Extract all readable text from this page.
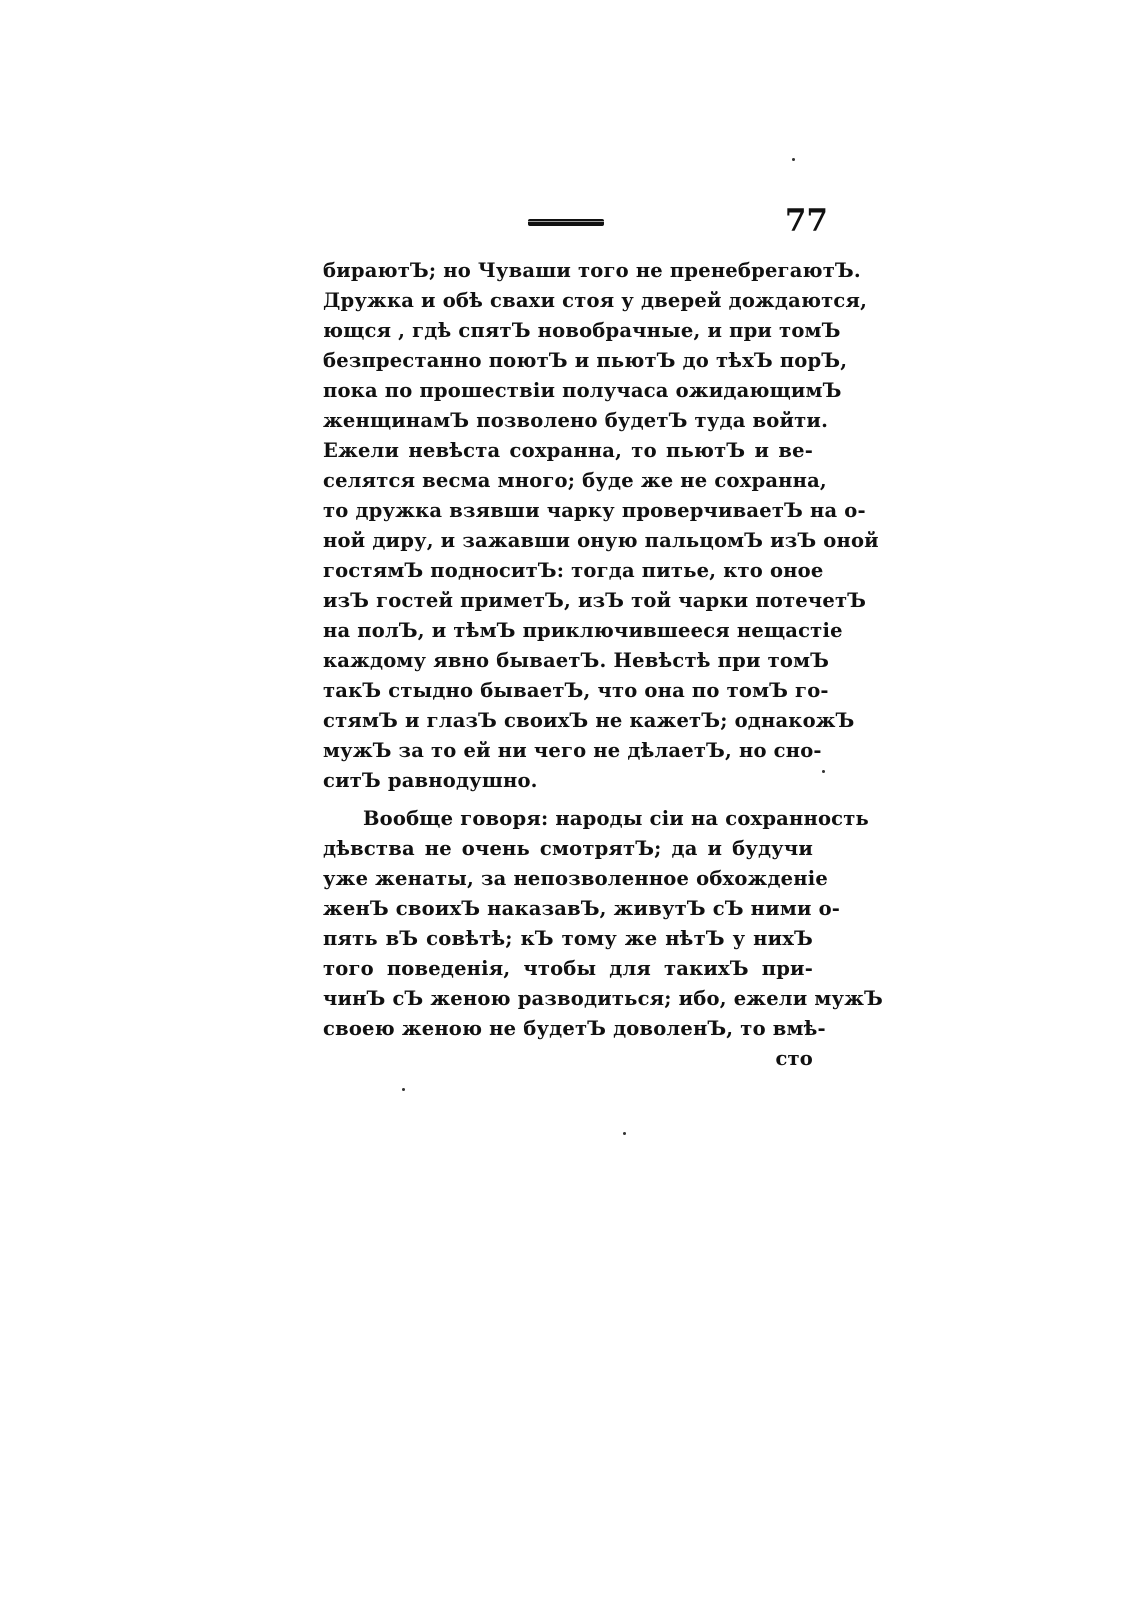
77
бираютЪ; но Чуваши того не пренебрегаютЪ.
Дружка и обѣ свахи стоя у дверей дождаются,
ющся , гдѣ спятЪ новобрачные, и при томЪ
безпрестанно поютЪ и пьютЪ до тѣхЪ порЪ,
пока по прошествіи получаса ожидающимЪ
женщинамЪ позволено будетЪ туда войти.
Ежели невѣста сохранна, то пьютЪ и ве-
селятся весма много; буде же не сохранна,
то дружка взявши чарку проверчиваетЪ на о-
ной диру, и зажавши оную пальцомЪ изЪ оной
гостямЪ подноситЪ: тогда питье, кто оное
изЪ гостей приметЪ, изЪ той чарки потечетЪ
на полЪ, и тѣмЪ приключившееся нещастіе
каждому явно бываетЪ. Невѣстѣ при томЪ
такЪ стыдно бываетЪ, что она по томЪ го-
стямЪ и глазЪ своихЪ не кажетЪ; однакожЪ
мужЪ за то ей ни чего не дѣлаетЪ, но сно-
ситЪ равнодушно.
Вообще говоря: народы сіи на сохранность
дѣвства не очень смотрятЪ; да и будучи
уже женаты, за непозволенное обхожденіе
женЪ своихЪ наказавЪ, живутЪ сЪ ними о-
пять вЪ совѣтѣ; кЪ тому же нѣтЪ у нихЪ
того поведенія, чтобы для такихЪ при-
чинЪ сЪ женою разводиться; ибо, ежели мужЪ
своею женою не будетЪ доволенЪ, то вмѣ-
сто
